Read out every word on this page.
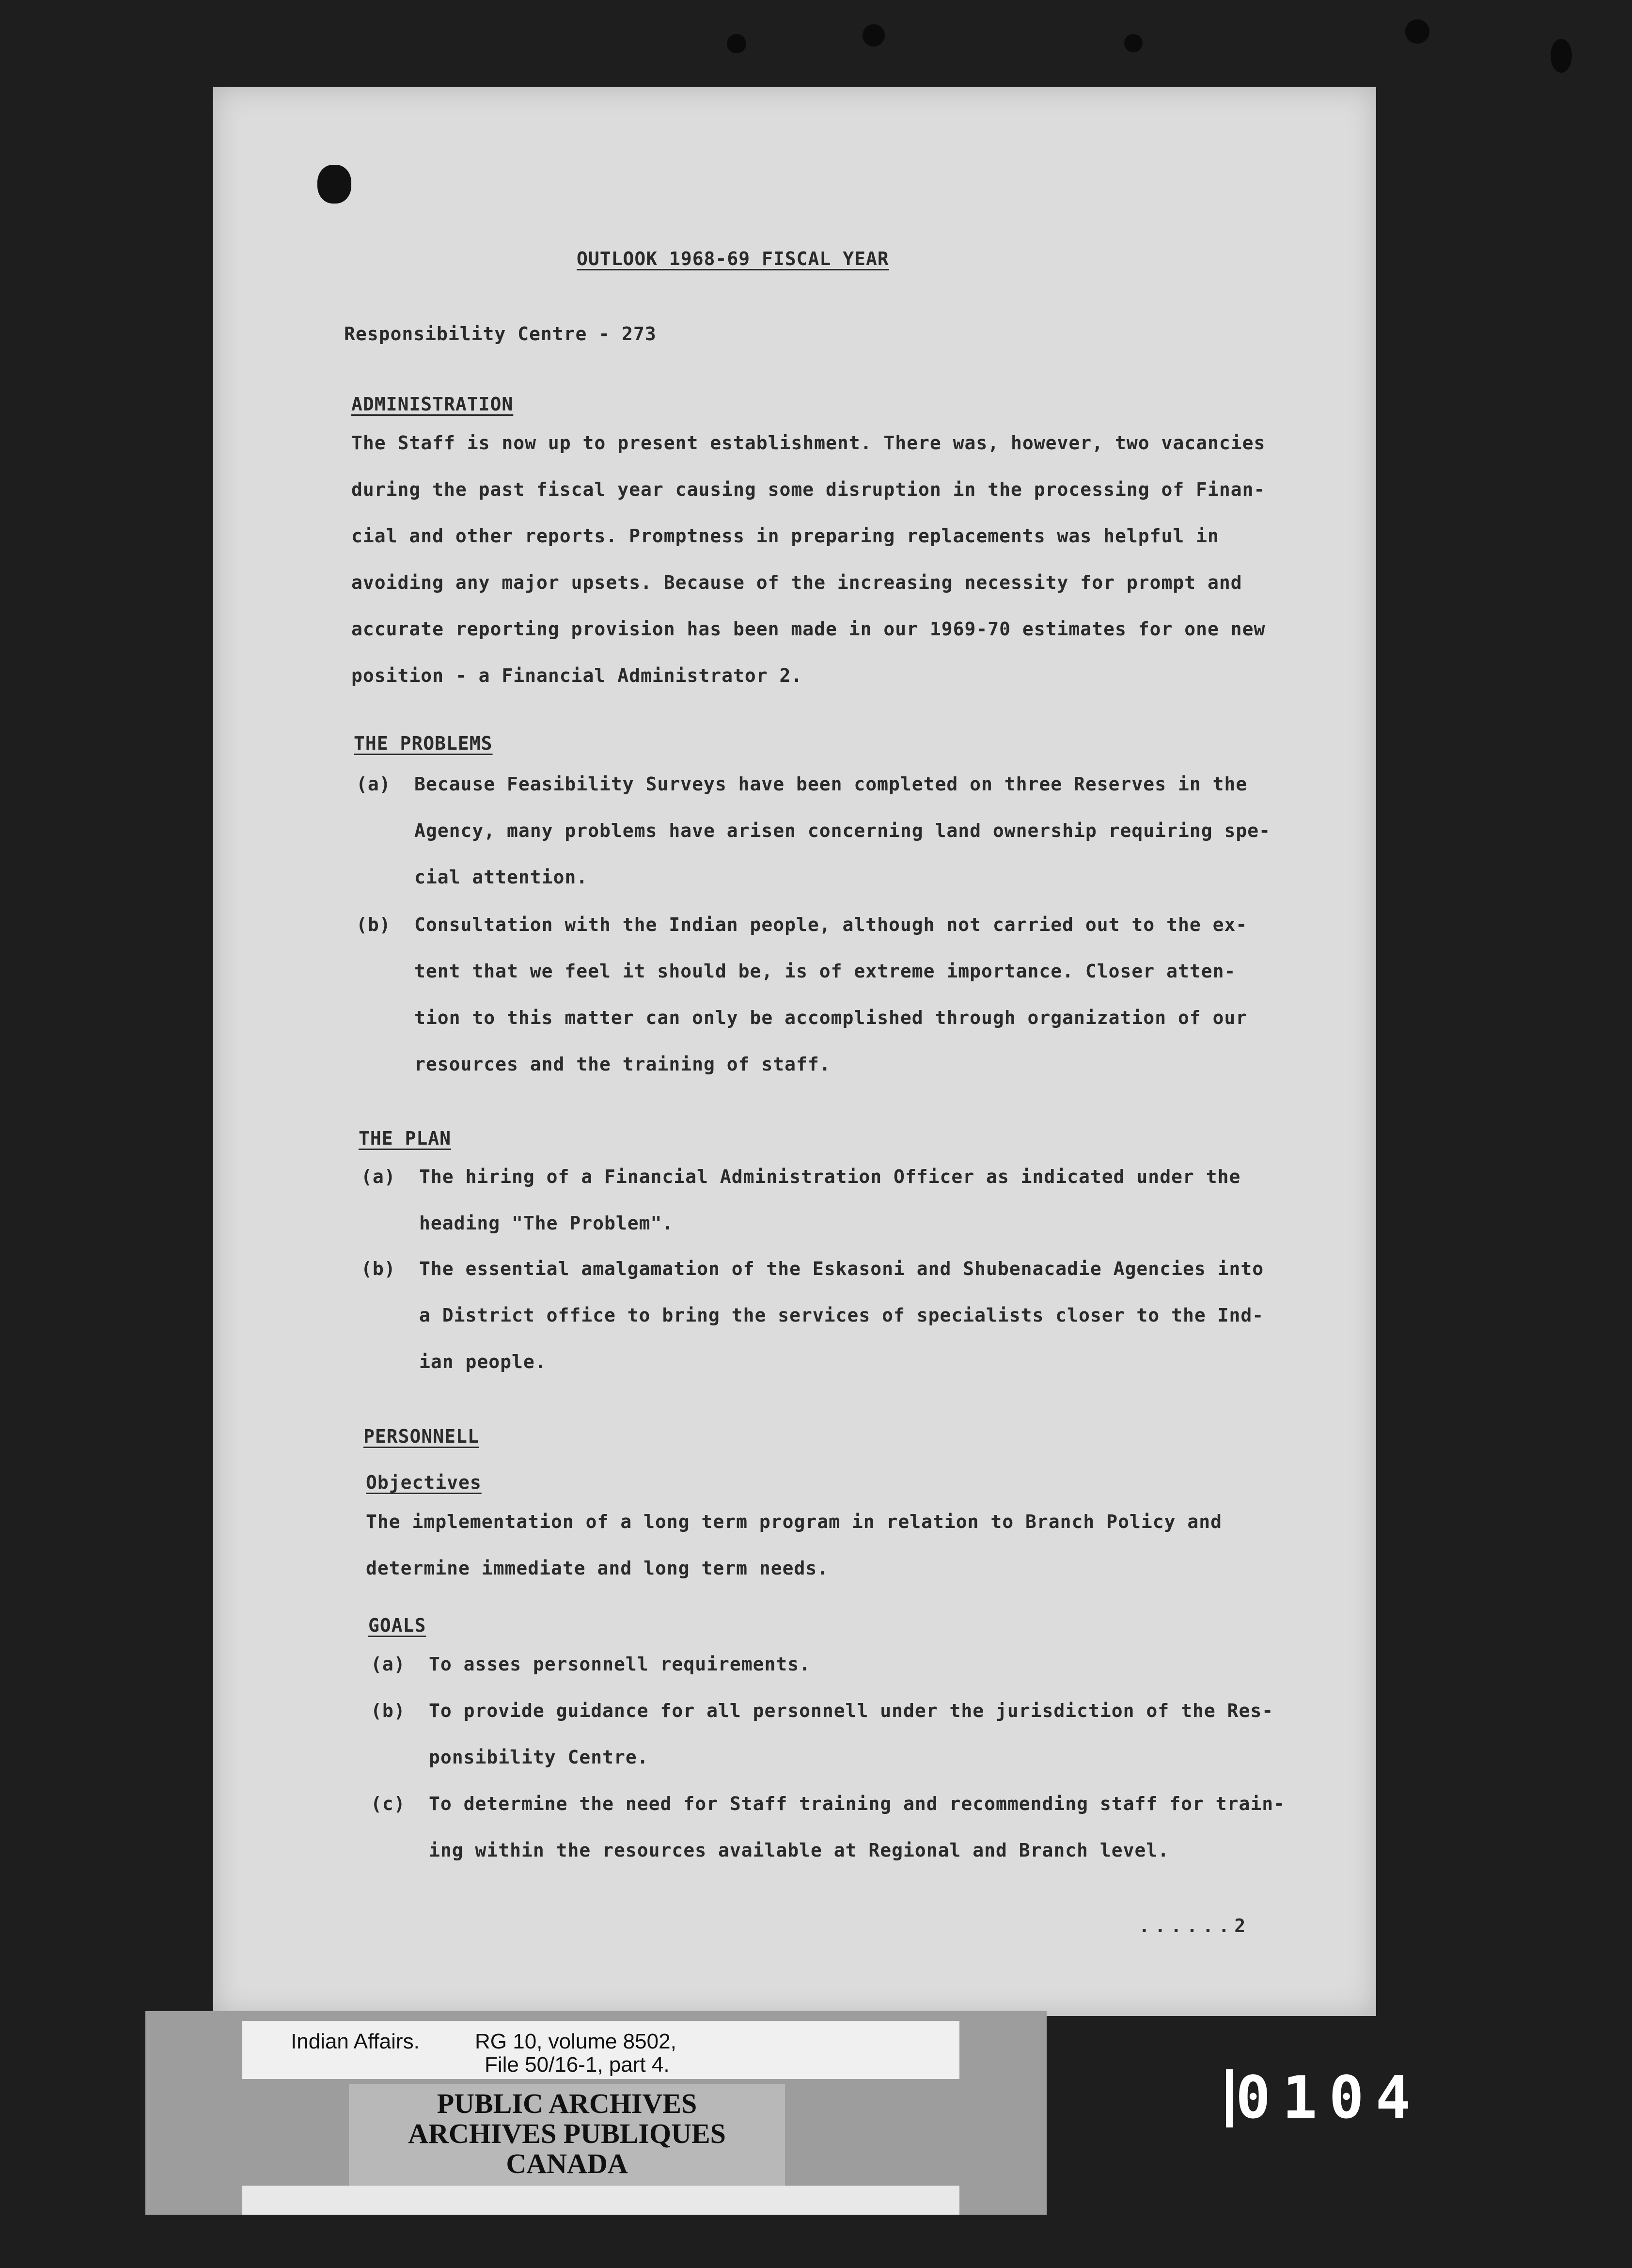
OUTLOOK 1968-69 FISCAL YEAR
Responsibility Centre - 273
ADMINISTRATION
The Staff is now up to present establishment. There was, however, two vacancies
during the past fiscal year causing some disruption in the processing of Finan-
cial and other reports. Promptness in preparing replacements was helpful in
avoiding any major upsets. Because of the increasing necessity for prompt and
accurate reporting provision has been made in our 1969-70 estimates for one new
position - a Financial Administrator 2.
THE PROBLEMS
(a) Because Feasibility Surveys have been completed on three Reserves in the
Agency, many problems have arisen concerning land ownership requiring spe-
cial attention.
(b) Consultation with the Indian people, although not carried out to the ex-
tent that we feel it should be, is of extreme importance. Closer atten-
tion to this matter can only be accomplished through organization of our
resources and the training of staff.
THE PLAN
(a) The hiring of a Financial Administration Officer as indicated under the
heading "The Problem".
(b) The essential amalgamation of the Eskasoni and Shubenacadie Agencies into
a District office to bring the services of specialists closer to the Ind-
ian people.
PERSONNELL
Objectives
The implementation of a long term program in relation to Branch Policy and
determine immediate and long term needs.
GOALS
(a) To asses personnell requirements.
(b) To provide guidance for all personnell under the jurisdiction of the Res-
ponsibility Centre.
(c) To determine the need for Staff training and recommending staff for train-
ing within the resources available at Regional and Branch level.
......2
Indian Affairs.	RG 10, volume 8502,
File 50/16-1, part 4.
PUBLIC ARCHIVES
ARCHIVES PUBLIQUES
CANADA
0104
